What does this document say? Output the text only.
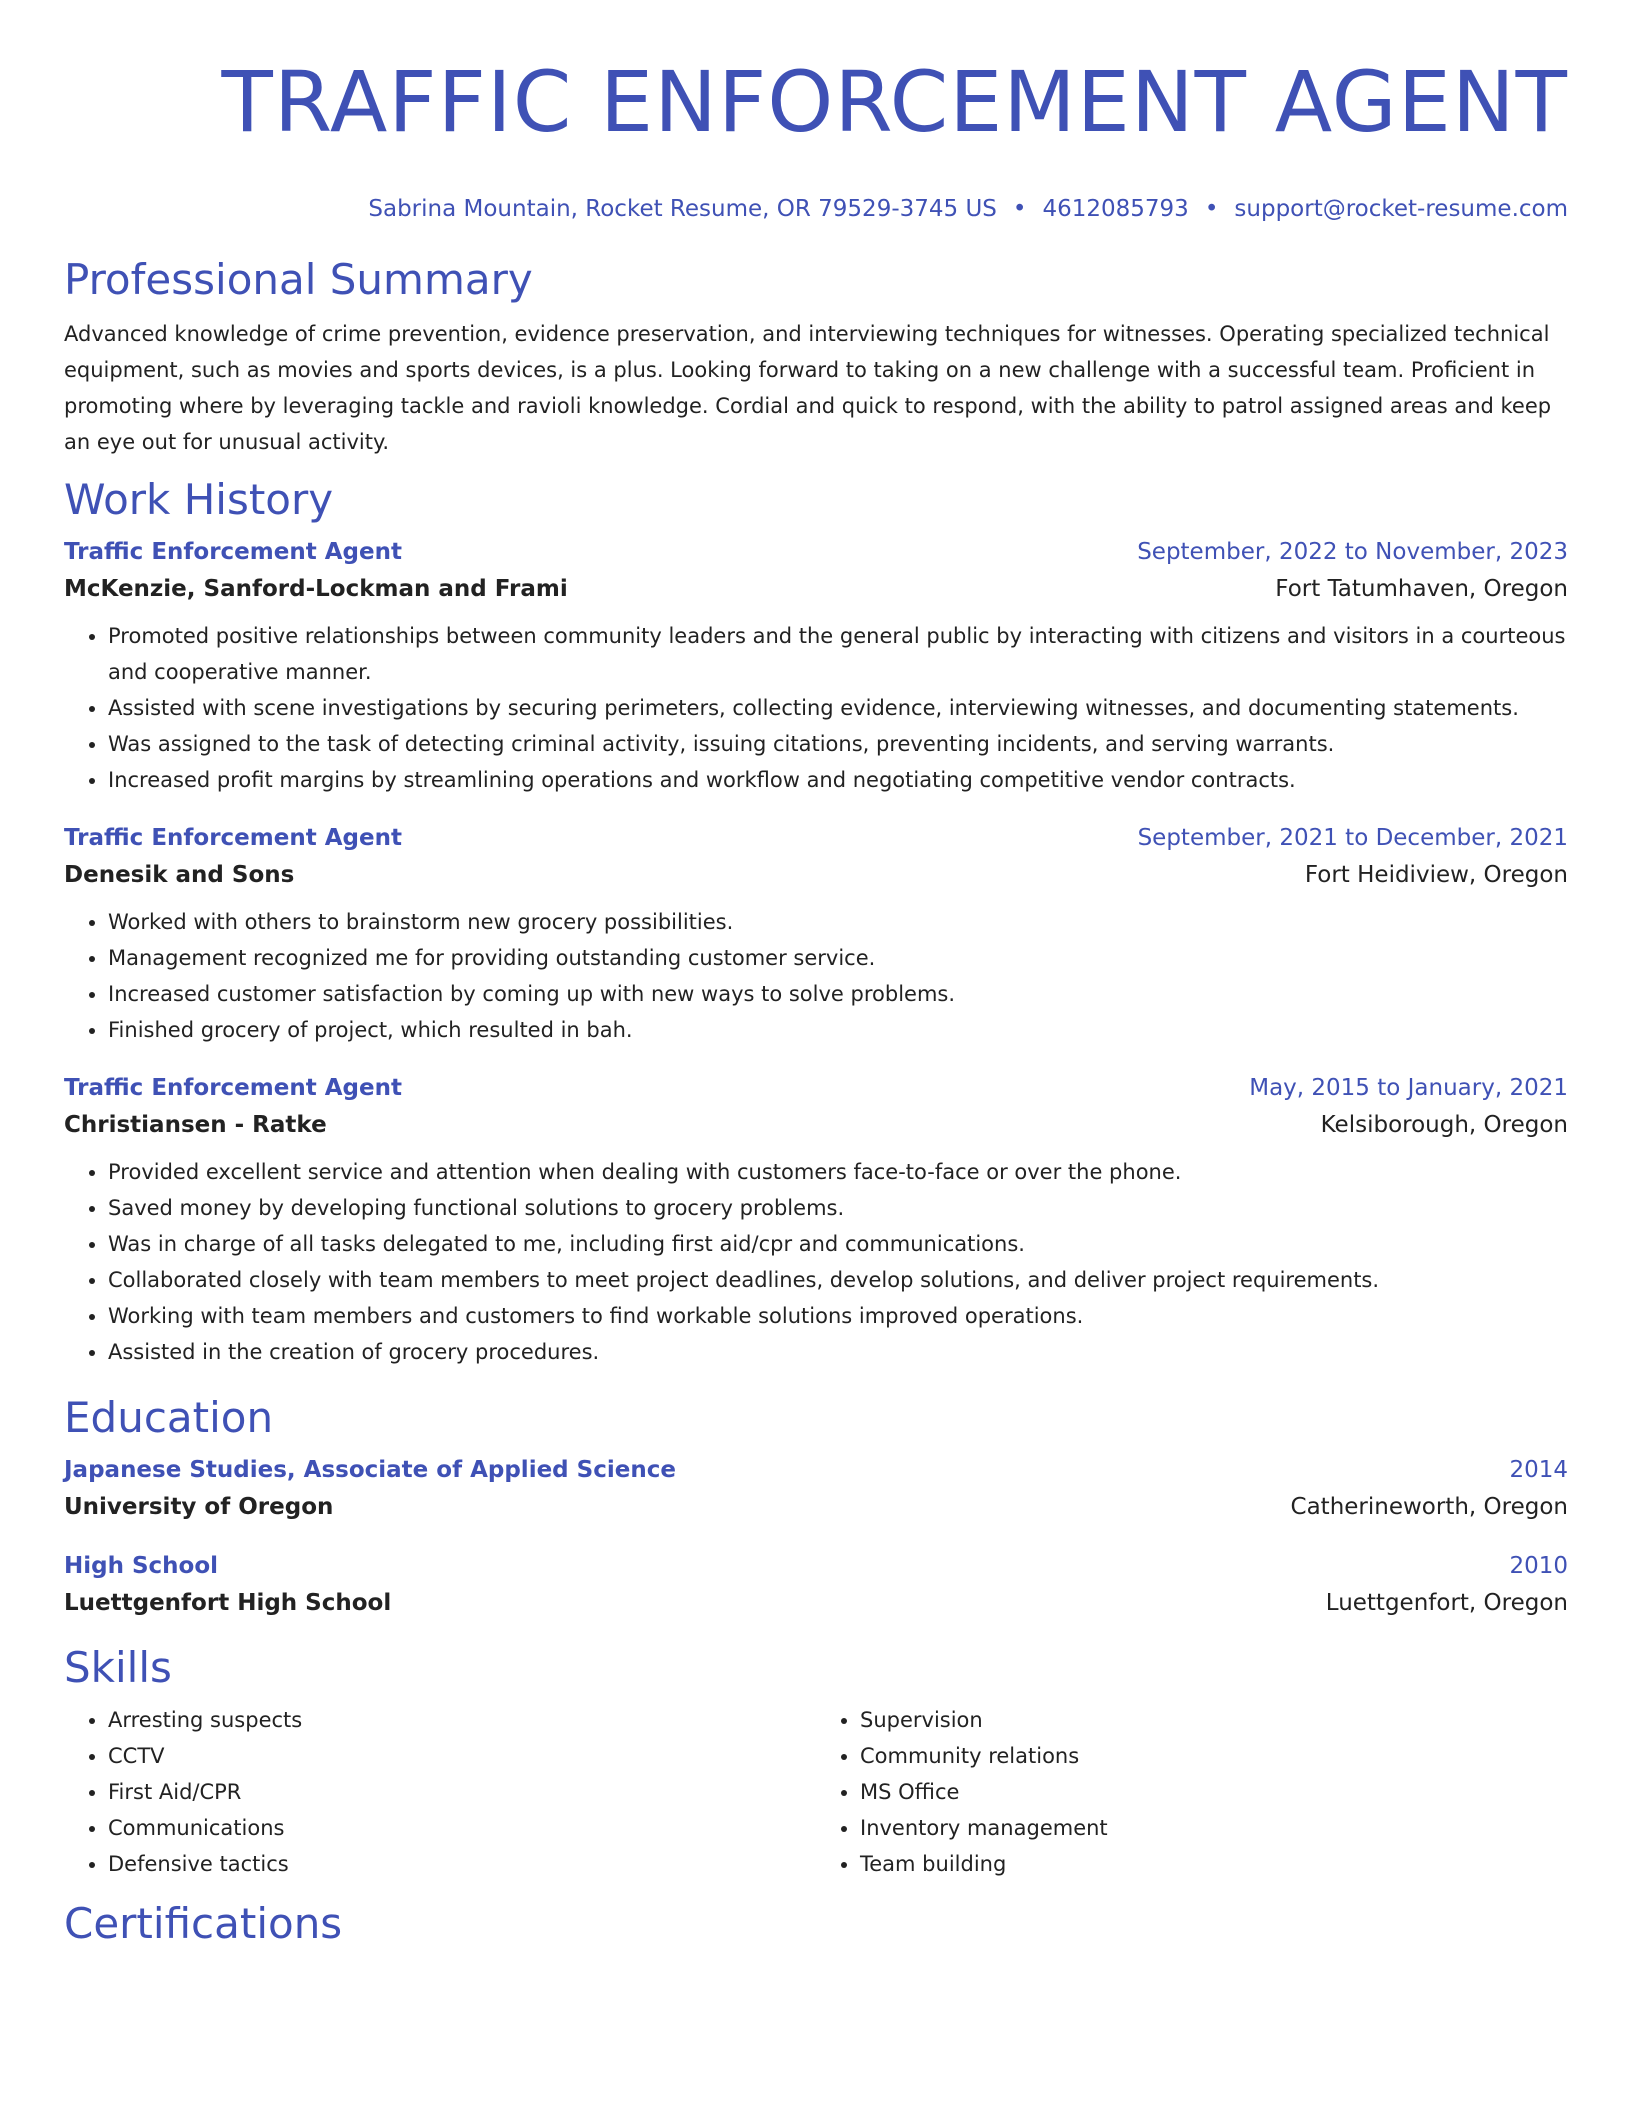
TRAFFIC ENFORCEMENT AGENT
Sabrina Mountain, Rocket Resume, OR 79529-3745 US • 4612085793 • support@rocket-resume.com
Professional Summary

Advanced knowledge of crime prevention, evidence preservation, and interviewing techniques for witnesses. Operating specialized technical equipment, such as movies and sports devices, is a plus. Looking forward to taking on a new challenge with a successful team. Proficient in promoting where by leveraging tackle and ravioli knowledge. Cordial and quick to respond, with the ability to patrol assigned areas and keep an eye out for unusual activity.

Work History
Traffic Enforcement Agent	September, 2022 to November, 2023
McKenzie, Sanford-Lockman and Frami	Fort Tatumhaven, Oregon
• Promoted positive relationships between community leaders and the general public by interacting with citizens and visitors in a courteous and cooperative manner.
• Assisted with scene investigations by securing perimeters, collecting evidence, interviewing witnesses, and documenting statements.
• Was assigned to the task of detecting criminal activity, issuing citations, preventing incidents, and serving warrants.
• Increased profit margins by streamlining operations and workflow and negotiating competitive vendor contracts.
Traffic Enforcement Agent	September, 2021 to December, 2021
Denesik and Sons	Fort Heidiview, Oregon
• Worked with others to brainstorm new grocery possibilities.
• Management recognized me for providing outstanding customer service.
• Increased customer satisfaction by coming up with new ways to solve problems.
• Finished grocery of project, which resulted in bah.
Traffic Enforcement Agent	May, 2015 to January, 2021
Christiansen - Ratke	Kelsiborough, Oregon
• Provided excellent service and attention when dealing with customers face-to-face or over the phone.
• Saved money by developing functional solutions to grocery problems.
• Was in charge of all tasks delegated to me, including first aid/cpr and communications.
• Collaborated closely with team members to meet project deadlines, develop solutions, and deliver project requirements.
• Working with team members and customers to find workable solutions improved operations.
• Assisted in the creation of grocery procedures.
Education
Japanese Studies, Associate of Applied Science	2014
University of Oregon	Catherineworth, Oregon
High School	2010
Luettgenfort High School	Luettgenfort, Oregon
Skills
• Arresting suspects
• CCTV
• First Aid/CPR
• Communications
• Defensive tactics
• Supervision
• Community relations
• MS Office
• Inventory management
• Team building
Certifications
